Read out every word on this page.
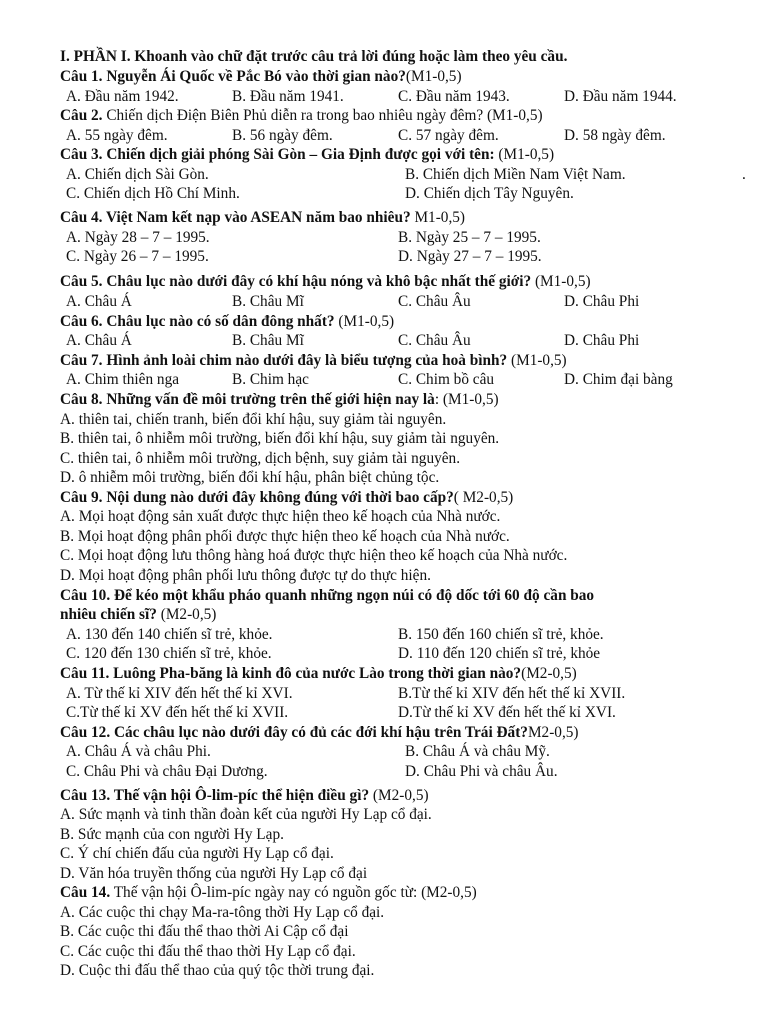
I. PHẦN I. Khoanh vào chữ đặt trước câu trả lời đúng hoặc làm theo yêu cầu.
Câu 1. Nguyễn Ái Quốc về Pắc Bó vào thời gian nào?(M1-0,5)
A. Đầu năm 1942.	B. Đầu năm 1941.	C. Đầu năm 1943.	D. Đầu năm 1944.
Câu 2. Chiến dịch Điện Biên Phủ diễn ra trong bao nhiêu ngày đêm? (M1-0,5)
A. 55 ngày đêm.	B. 56 ngày đêm.	C. 57 ngày đêm.	D. 58 ngày đêm.
Câu 3. Chiến dịch giải phóng Sài Gòn – Gia Định được gọi với tên: (M1-0,5)
A. Chiến dịch Sài Gòn.	B. Chiến dịch Miền Nam Việt Nam.	.
C. Chiến dịch Hồ Chí Minh.	D. Chiến dịch Tây Nguyên.
Câu 4. Việt Nam kết nạp vào ASEAN năm bao nhiêu? M1-0,5)
A. Ngày 28 – 7 – 1995.	B. Ngày 25 – 7 – 1995.
C. Ngày 26 – 7 – 1995.	D. Ngày 27 – 7 – 1995.
Câu 5. Châu lục nào dưới đây có khí hậu nóng và khô bậc nhất thế giới? (M1-0,5)
A. Châu Á	B. Châu Mĩ	C. Châu Âu	D. Châu Phi
Câu 6. Châu lục nào có số dân đông nhất? (M1-0,5)
A. Châu Á	B. Châu Mĩ	C. Châu Âu	D. Châu Phi
Câu 7. Hình ảnh loài chim nào dưới đây là biểu tượng của hoà bình? (M1-0,5)
A. Chim thiên nga	B. Chim hạc	C. Chim bồ câu	D. Chim đại bàng
Câu 8. Những vấn đề môi trường trên thế giới hiện nay là: (M1-0,5)
A. thiên tai, chiến tranh, biến đổi khí hậu, suy giảm tài nguyên.
B. thiên tai, ô nhiễm môi trường, biến đổi khí hậu, suy giảm tài nguyên.
C. thiên tai, ô nhiễm môi trường, dịch bệnh, suy giảm tài nguyên.
D. ô nhiễm môi trường, biến đổi khí hậu, phân biệt chủng tộc.
Câu 9. Nội dung nào dưới đây không đúng với thời bao cấp?( M2-0,5)
A. Mọi hoạt động sản xuất được thực hiện theo kế hoạch của Nhà nước.
B. Mọi hoạt động phân phối được thực hiện theo kế hoạch của Nhà nước.
C. Mọi hoạt động lưu thông hàng hoá được thực hiện theo kế hoạch của Nhà nước.
D. Mọi hoạt động phân phối lưu thông được tự do thực hiện.
Câu 10. Để kéo một khẩu pháo quanh những ngọn núi có độ dốc tới 60 độ cần bao
nhiêu chiến sĩ? (M2-0,5)
A. 130 đến 140 chiến sĩ trẻ, khỏe.	B. 150 đến 160 chiến sĩ trẻ, khỏe.
C. 120 đến 130 chiến sĩ trẻ, khỏe.	D. 110 đến 120 chiến sĩ trẻ, khỏe
Câu 11. Luông Pha-băng là kinh đô của nước Lào trong thời gian nào?(M2-0,5)
A. Từ thế kỉ XIV đến hết thế kỉ XVI.	B.Từ thế kỉ XIV đến hết thế kỉ XVII.
C.Từ thế kỉ XV đến hết thế kỉ XVII.	D.Từ thế kỉ XV đến hết thế kỉ XVI.
Câu 12. Các châu lục nào dưới đây có đủ các đới khí hậu trên Trái Đất?M2-0,5)
A. Châu Á và châu Phi.	B. Châu Á và châu Mỹ.
C. Châu Phi và châu Đại Dương.	D. Châu Phi và châu Âu.
Câu 13. Thế vận hội Ô-lim-píc thể hiện điều gì? (M2-0,5)
A. Sức mạnh và tinh thần đoàn kết của người Hy Lạp cổ đại.
B. Sức mạnh của con người Hy Lạp.
C. Ý chí chiến đấu của người Hy Lạp cổ đại.
D. Văn hóa truyền thống của người Hy Lạp cổ đại
Câu 14. Thế vận hội Ô-lim-píc ngày nay có nguồn gốc từ: (M2-0,5)
A. Các cuộc thi chạy Ma-ra-tông thời Hy Lạp cổ đại.
B. Các cuộc thi đấu thể thao thời Ai Cập cổ đại
C. Các cuộc thi đấu thể thao thời Hy Lạp cổ đại.
D. Cuộc thi đấu thể thao của quý tộc thời trung đại.
